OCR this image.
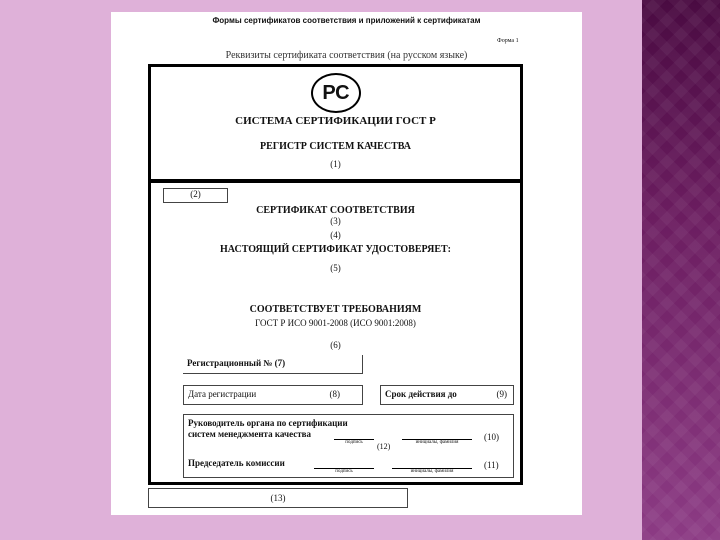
Формы сертификатов соответствия и приложений к сертификатам
Форма 1
Реквизиты сертификата соответствия (на русском языке)
РС
СИСТЕМА СЕРТИФИКАЦИИ ГОСТ Р
РЕГИСТР СИСТЕМ КАЧЕСТВА
(1)
(2)
СЕРТИФИКАТ СООТВЕТСТВИЯ
(3)
(4)
НАСТОЯЩИЙ СЕРТИФИКАТ УДОСТОВЕРЯЕТ:
(5)
СООТВЕТСТВУЕТ ТРЕБОВАНИЯМ
ГОСТ Р ИСО 9001-2008 (ИСО 9001:2008)
(6)
Регистрационный № (7)
Дата регистрации	(8)	Срок действия до	(9)
Руководитель органа по сертификации
систем менеджмента качества
подпись	(12)	инициалы, фамилия
(10)
Председатель комиссии
подпись	инициалы, фамилия
(11)
(13)
